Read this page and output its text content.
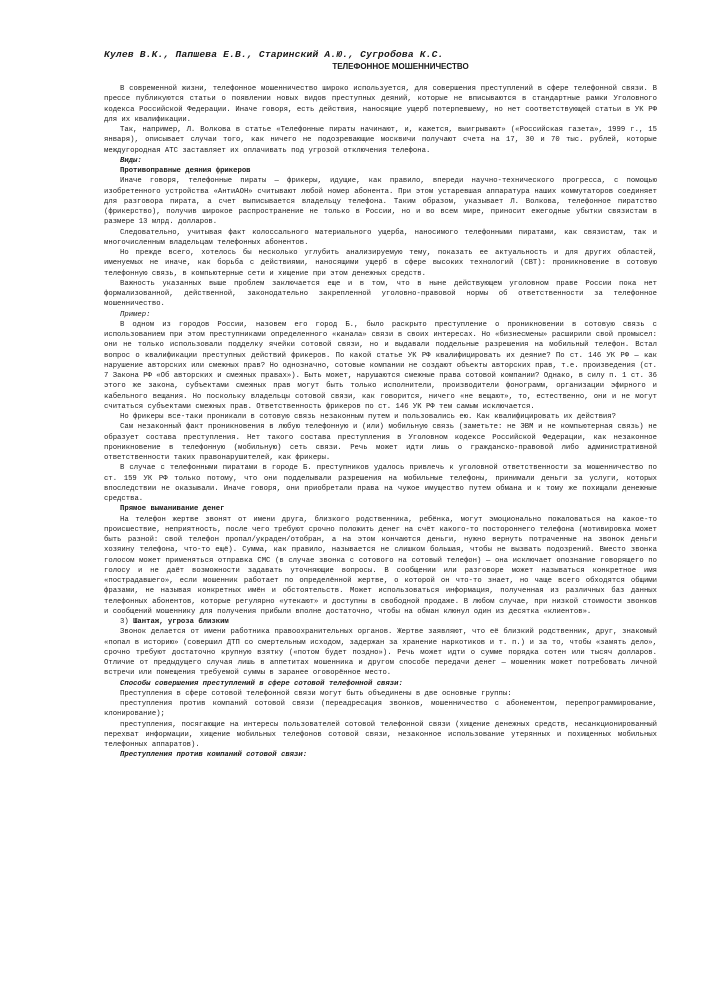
Кулев В.К., Папшева Е.В., Старинский А.Ю., Сугробова К.С.

ТЕЛЕФОННОЕ МОШЕННИЧЕСТВО

В современной жизни, телефонное мошенничество широко используется, для совершения преступлений в сфере телефонной связи. В прессе публикуются статьи о появлении новых видов преступных деяний, которые не вписываются в стандартные рамки Уголовного кодекса Российской Федерации. Иначе говоря, есть действия, наносящие ущерб потерпевшему, но нет соответствующей статьи в УК РФ для их квалификации.

Так, например, Л. Волкова в статье «Телефонные пираты начинают, и, кажется, выигрывают» («Российская газета», 1999 г., 15 января), описывает случаи того, как ничего не подозревающие москвичи получают счета на 17, 30 и 70 тыс. рублей, которые междугородная АТС заставляет их оплачивать под угрозой отключения телефона.

Виды:

Противоправные деяния фрикеров

Иначе говоря, телефонные пираты — фрикеры, идущие, как правило, впереди научно-технического прогресса, с помощью изобретенного устройства «АнтиАОН» считывают любой номер абонента. При этом устаревшая аппаратура наших коммутаторов соединяет для разговора пирата, а счет выписывается владельцу телефона. Таким образом, указывает Л. Волкова, телефонное пиратство (фрикерство), получив широкое распространение не только в России, но и во всем мире, приносит ежегодные убытки связистам в размере 13 млрд. долларов.

Следовательно, учитывая факт колоссального материального ущерба, наносимого телефонными пиратами, как связистам, так и многочисленным владельцам телефонных абонентов.

Но прежде всего, хотелось бы несколько углубить анализируемую тему, показать ее актуальность и для других областей, именуемых не иначе, как борьба с действиями, наносящими ущерб в сфере высоких технологий (СВТ): проникновение в сотовую телефонную связь, в компьютерные сети и хищение при этом денежных средств.

Важность указанных выше проблем заключается еще и в том, что в ныне действующем уголовном праве России пока нет формализованной, действенной, законодательно закрепленной уголовно-правовой нормы об ответственности за телефонное мошенничество.

Пример:

В одном из городов России, назовем его город Б., было раскрыто преступление о проникновении в сотовую связь с использованием при этом преступниками определенного «канала» связи в своих интересах. Но «бизнесмены» расширили свой промысел: они не только использовали подделку ячейки сотовой связи, но и выдавали поддельные разрешения на мобильный телефон. Встал вопрос о квалификации преступных действий фрикеров. По какой статье УК РФ квалифицировать их деяние? По ст. 146 УК РФ — как нарушение авторских или смежных прав? Но однозначно, сотовые компании не создают объекты авторских прав, т.е. произведения (ст. 7 Закона РФ «Об авторских и смежных правах»). Быть может, нарушаются смежные права сотовой компании? Однако, в силу п. 1 ст. 36 этого же закона, субъектами смежных прав могут быть только исполнители, производители фонограмм, организации эфирного и кабельного вещания. Но поскольку владельцы сотовой связи, как говорится, ничего «не вещают», то, естественно, они и не могут считаться субъектами смежных прав. Ответственность фрикеров по ст. 146 УК РФ тем самым исключается.

Но фрикеры все-таки проникали в сотовую связь незаконным путем и пользовались ею. Как квалифицировать их действия?

Сам незаконный факт проникновения в любую телефонную и (или) мобильную связь (заметьте: не ЭВМ и не компьютерная связь) не образует состава преступления. Нет такого состава преступления в Уголовном кодексе Российской Федерации, как незаконное проникновение в телефонную (мобильную) сеть связи. Речь может идти лишь о гражданско-правовой либо административной ответственности таких правонарушителей, как фрикеры.

В случае с телефонными пиратами в городе Б. преступников удалось привлечь к уголовной ответственности за мошенничество по ст. 159 УК РФ только потому, что они подделывали разрешения на мобильные телефоны, принимали деньги за услуги, которых впоследствии не оказывали. Иначе говоря, они приобретали права на чужое имущество путем обмана и к тому же похищали денежные средства.

Прямое выманивание денег

На телефон жертве звонят от имени друга, близкого родственника, ребёнка, могут эмоционально пожаловаться на какое-то происшествие, неприятность, после чего требуют срочно положить денег на счёт какого-то постороннего телефона (мотивировка может быть разной: свой телефон пропал/украден/отобран, а на этом кончаются деньги, нужно вернуть потраченные на звонок деньги хозяину телефона, что-то ещё). Сумма, как правило, называется не слишком большая, чтобы не вызвать подозрений. Вместо звонка голосом может применяться отправка СМС (в случае звонка с сотового на сотовый телефон) — она исключает опознание говорящего по голосу и не даёт возможности задавать уточняющие вопросы. В сообщении или разговоре может называться конкретное имя «пострадавшего», если мошенник работает по определённой жертве, о которой он что-то знает, но чаще всего обходятся общими фразами, не называя конкретных имён и обстоятельств. Может использоваться информация, полученная из различных баз данных телефонных абонентов, которые регулярно «утекают» и доступны в свободной продаже. В любом случае, при низкой стоимости звонков и сообщений мошеннику для получения прибыли вполне достаточно, чтобы на обман клюнул один из десятка «клиентов».

3) Шантаж, угроза близким

Звонок делается от имени работника правоохранительных органов. Жертве заявляют, что её близкий родственник, друг, знакомый «попал в историю» (совершил ДТП со смертельным исходом, задержан за хранение наркотиков и т. п.) и за то, чтобы «замять дело», срочно требуют достаточно крупную взятку («потом будет поздно»). Речь может идти о сумме порядка сотен или тысяч долларов. Отличие от предыдущего случая лишь в аппетитах мошенника и другом способе передачи денег — мошенник может потребовать личной встречи или помещения требуемой суммы в заранее оговорённое место.

Способы совершения преступлений в сфере сотовой телефонной связи:

Преступления в сфере сотовой телефонной связи могут быть объединены в две основные группы:

преступления против компаний сотовой связи (переадресация звонков, мошенничество с абонементом, перепрограммирование, клонирование);

преступления, посягающие на интересы пользователей сотовой телефонной связи (хищение денежных средств, несанкционированный перехват информации, хищение мобильных телефонов сотовой связи, незаконное использование утерянных и похищенных мобильных телефонных аппаратов).

Преступления против компаний сотовой связи:
